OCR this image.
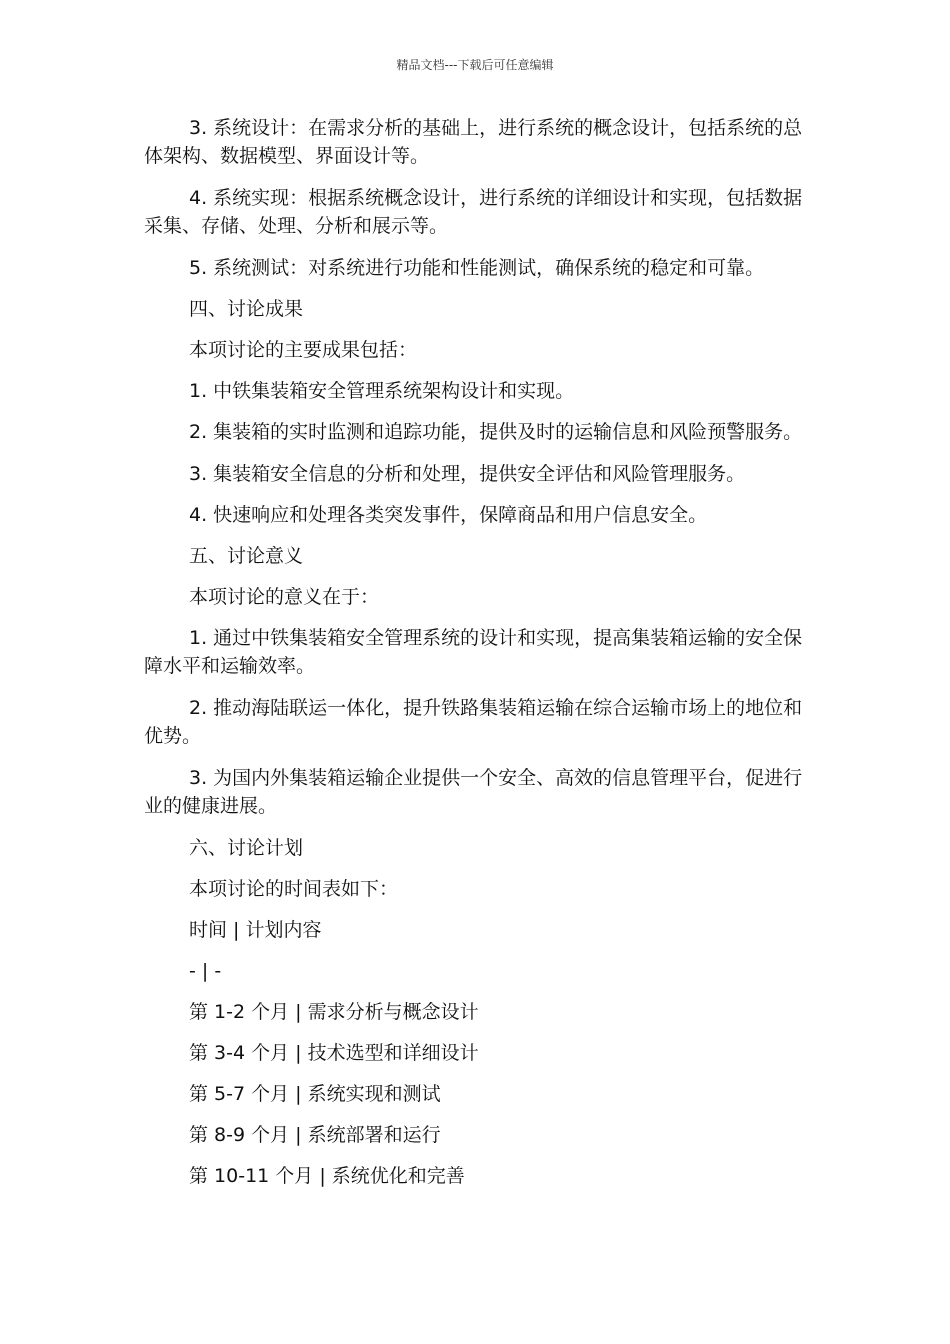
精品文档---下载后可任意编辑

3. 系统设计：在需求分析的基础上，进行系统的概念设计，包括系统的总体架构、数据模型、界面设计等。

4. 系统实现：根据系统概念设计，进行系统的详细设计和实现，包括数据采集、存储、处理、分析和展示等。

5. 系统测试：对系统进行功能和性能测试，确保系统的稳定和可靠。

四、讨论成果

本项讨论的主要成果包括：

1. 中铁集装箱安全管理系统架构设计和实现。

2. 集装箱的实时监测和追踪功能，提供及时的运输信息和风险预警服务。

3. 集装箱安全信息的分析和处理，提供安全评估和风险管理服务。

4. 快速响应和处理各类突发事件，保障商品和用户信息安全。

五、讨论意义

本项讨论的意义在于：

1. 通过中铁集装箱安全管理系统的设计和实现，提高集装箱运输的安全保障水平和运输效率。

2. 推动海陆联运一体化，提升铁路集装箱运输在综合运输市场上的地位和优势。

3. 为国内外集装箱运输企业提供一个安全、高效的信息管理平台，促进行业的健康进展。

六、讨论计划

本项讨论的时间表如下：

时间 | 计划内容

- | -

第 1-2 个月 | 需求分析与概念设计

第 3-4 个月 | 技术选型和详细设计

第 5-7 个月 | 系统实现和测试

第 8-9 个月 | 系统部署和运行

第 10-11 个月 | 系统优化和完善
